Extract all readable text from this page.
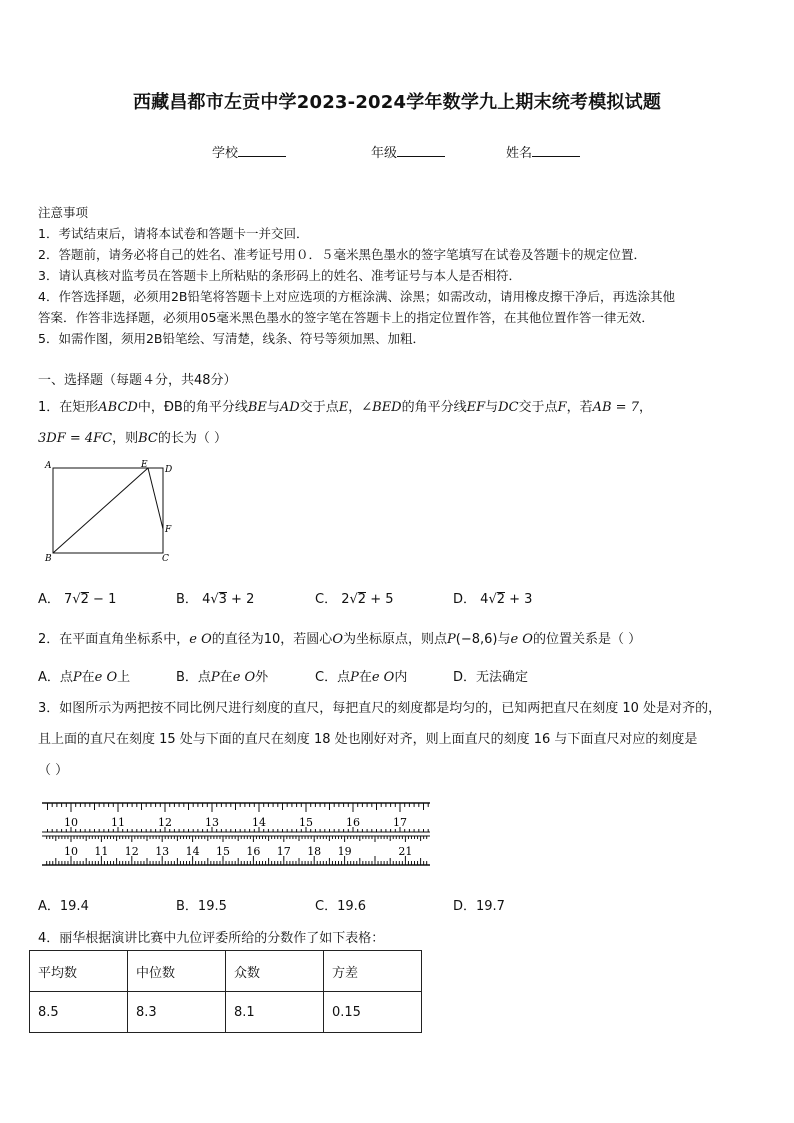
西藏昌都市左贡中学2023-2024学年数学九上期末统考模拟试题
学校	年级	姓名
注意事项
1．考试结束后，请将本试卷和答题卡一并交回．
2．答题前，请务必将自己的姓名、准考证号用０．５毫米黑色墨水的签字笔填写在试卷及答题卡的规定位置．
3．请认真核对监考员在答题卡上所粘贴的条形码上的姓名、准考证号与本人是否相符．
4．作答选择题，必须用2B铅笔将答题卡上对应选项的方框涂满、涂黑；如需改动，请用橡皮擦干净后，再选涂其他
答案．作答非选择题，必须用05毫米黑色墨水的签字笔在答题卡上的指定位置作答，在其他位置作答一律无效．
5．如需作图，须用2B铅笔绘、写清楚，线条、符号等须加黑、加粗．
一、选择题（每题４分，共48分）
1．在矩形ABCD中，ÐB的角平分线BE与AD交于点E，∠BED的角平分线EF与DC交于点F，若AB = 7，
3DF = 4FC，则BC的长为（ ）
A	E D
F
B	C
A． 7√2 − 1	B． 4√3 + 2	C． 2√2 + 5	D． 4√2 + 3
2．在平面直角坐标系中，e O的直径为10，若圆心O为坐标原点，则点P(−8,6)与e O的位置关系是（ ）
A．点P在e O上	B．点P在e O外	C．点P在e O内	D．无法确定
3．如图所示为两把按不同比例尺进行刻度的直尺，每把直尺的刻度都是均匀的，已知两把直尺在刻度 10 处是对齐的，
且上面的直尺在刻度 15 处与下面的直尺在刻度 18 处也刚好对齐，则上面直尺的刻度 16 与下面直尺对应的刻度是
（ ）
10	11	12	13	14	15	16	17
10 11 12 13 14 15 16 17 18 19	21
A．19.4	B．19.5	C．19.6	D．19.7
4．丽华根据演讲比赛中九位评委所给的分数作了如下表格：
平均数	中位数	众数	方差
8.5	8.3	8.1	0.15
